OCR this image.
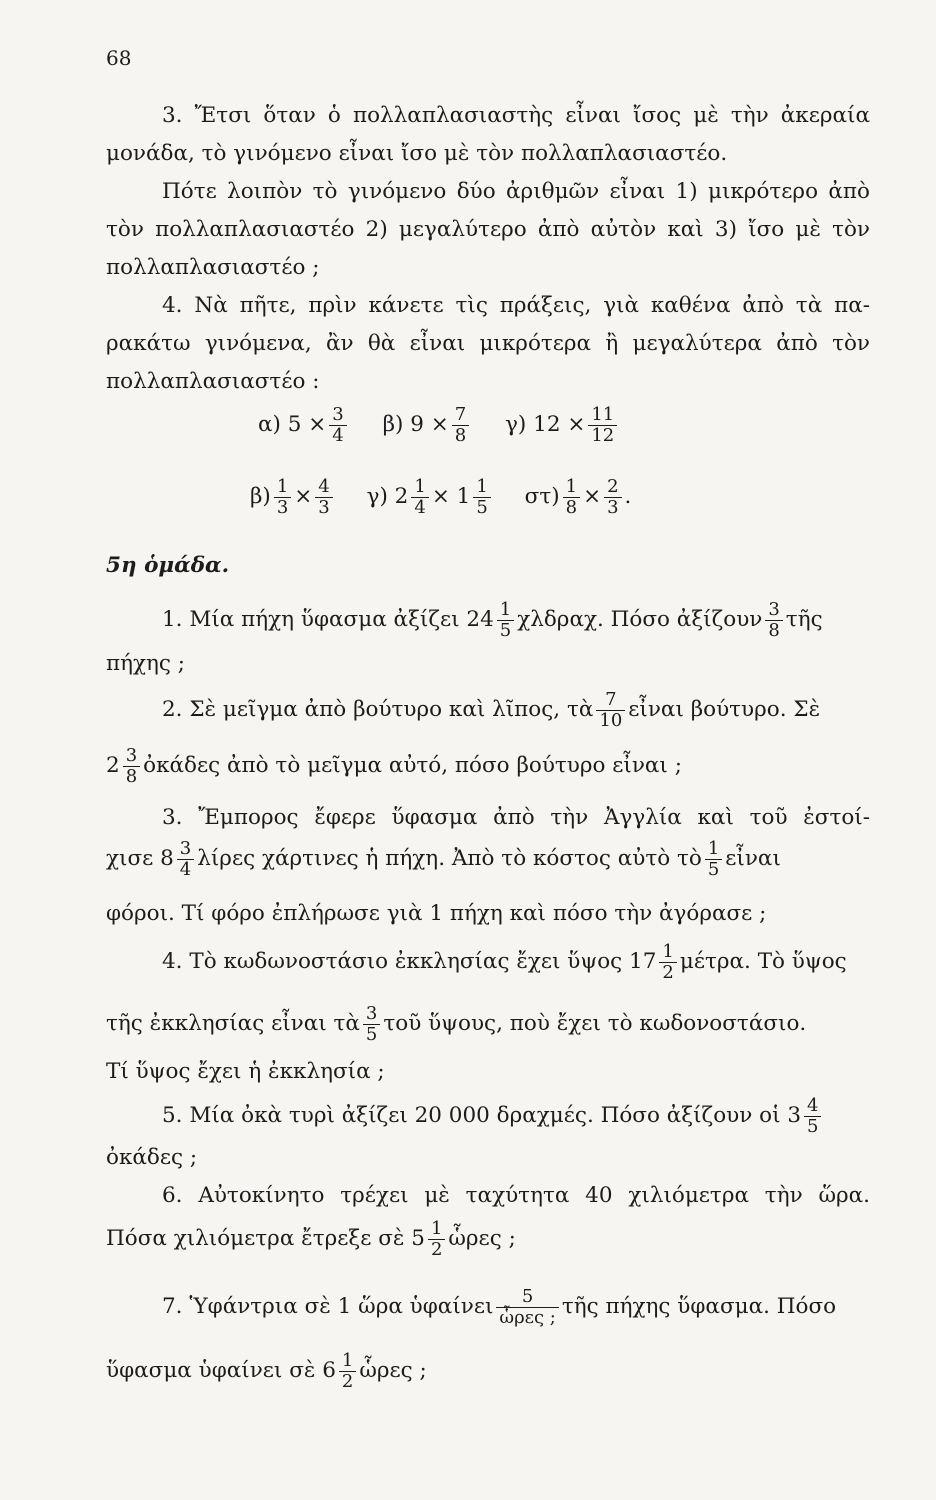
68
3. Ἔτσι ὅταν ὁ πολλαπλασιαστὴς εἶναι ἴσος μὲ τὴν ἀκεραία
μονάδα, τὸ γινόμενο εἶναι ἴσο μὲ τὸν πολλαπλασιαστέο.
Πότε λοιπὸν τὸ γινόμενο δύο ἀριθμῶν εἶναι 1) μικρότερο ἀπὸ
τὸν πολλαπλασιαστέο 2) μεγαλύτερο ἀπὸ αὐτὸν καὶ 3) ἴσο μὲ τὸν
πολλαπλασιαστέο ;
4. Νὰ πῆτε, πρὶν κάνετε τὶς πράξεις, γιὰ καθένα ἀπὸ τὰ πα-
ρακάτω γινόμενα, ἂν θὰ εἶναι μικρότερα ἢ μεγαλύτερα ἀπὸ τὸν
πολλαπλασιαστέο :
α) $5 \times \frac{3}{4} \beta$) $9 \times \frac{7}{8} \gamma$) $12 \times \frac{11}{12}$
$\beta) \frac{1}{3} \times \frac{4}{3} \gamma$) $2 \frac{1}{4} \times 1 \frac{1}{5} \sigma\tau) \frac{1}{8} \times \frac{2}{3}$ .
5η ὁμάδα.
1. Μία πήχη ὕφασμα ἀξίζει $24 \frac{1}{5} \chi\lambda\delta\rho\alpha\chi$. Πόσο ἀξίζουν $\frac{3}{8}$ τῆς
πήχης ;
2. Σὲ μεῖγμα ἀπὸ βούτυρο καὶ λῖπος, τὰ $\frac{7}{10}$ εἶναι βούτυρο. Σὲ
$2 \frac{3}{8}$ ὀκάδες ἀπὸ τὸ μεῖγμα αὐτό, πόσο βούτυρο εἶναι ;
3. Ἔμπορος ἔφερε ὕφασμα ἀπὸ τὴν Ἀγγλία καὶ τοῦ ἐστοί-
χισε $8 \frac{3}{4}$ λίρες χάρτινες ἡ πήχη. Ἀπὸ τὸ κόστος αὐτὸ τὸ $\frac{1}{5}$ εἶναι
φόροι. Τί φόρο ἐπλήρωσε γιὰ 1 πήχη καὶ πόσο τὴν ἀγόρασε ;
4. Τὸ κωδωνοστάσιο ἐκκλησίας ἔχει ὕψος $17 \frac{1}{2} \mu έ\tau\rho\alpha$. Τὸ ὕψος
τῆς ἐκκλησίας εἶναι τὰ $\frac{3}{5}$ τοῦ ὕψους, ποὺ ἔχει τὸ κωδονοστάσιο.
Τί ὕψος ἔχει ἡ ἐκκλησία ;
5. Μία ὀκὰ τυρὶ ἀξίζει 20 000 δραχμές. Πόσο ἀξίζουν οἱ $3 \frac{4}{5}$
ὀκάδες ;
6. Αὐτοκίνητο τρέχει μὲ ταχύτητα 40 χιλιόμετρα τὴν ὥρα.
Πόσα χιλιόμετρα ἔτρεξε σὲ $5 \frac{1}{2}$ ὧρες ;
7. Ὑφάντρια σὲ 1 ὥρα ὑφαίνει $\frac{5}{\text{ὧρες ;}}$ τῆς πήχης ὕφασμα. Πόσο
ὕφασμα ὑφαίνει σὲ $6 \frac{1}{2}$ ὧρες ;
